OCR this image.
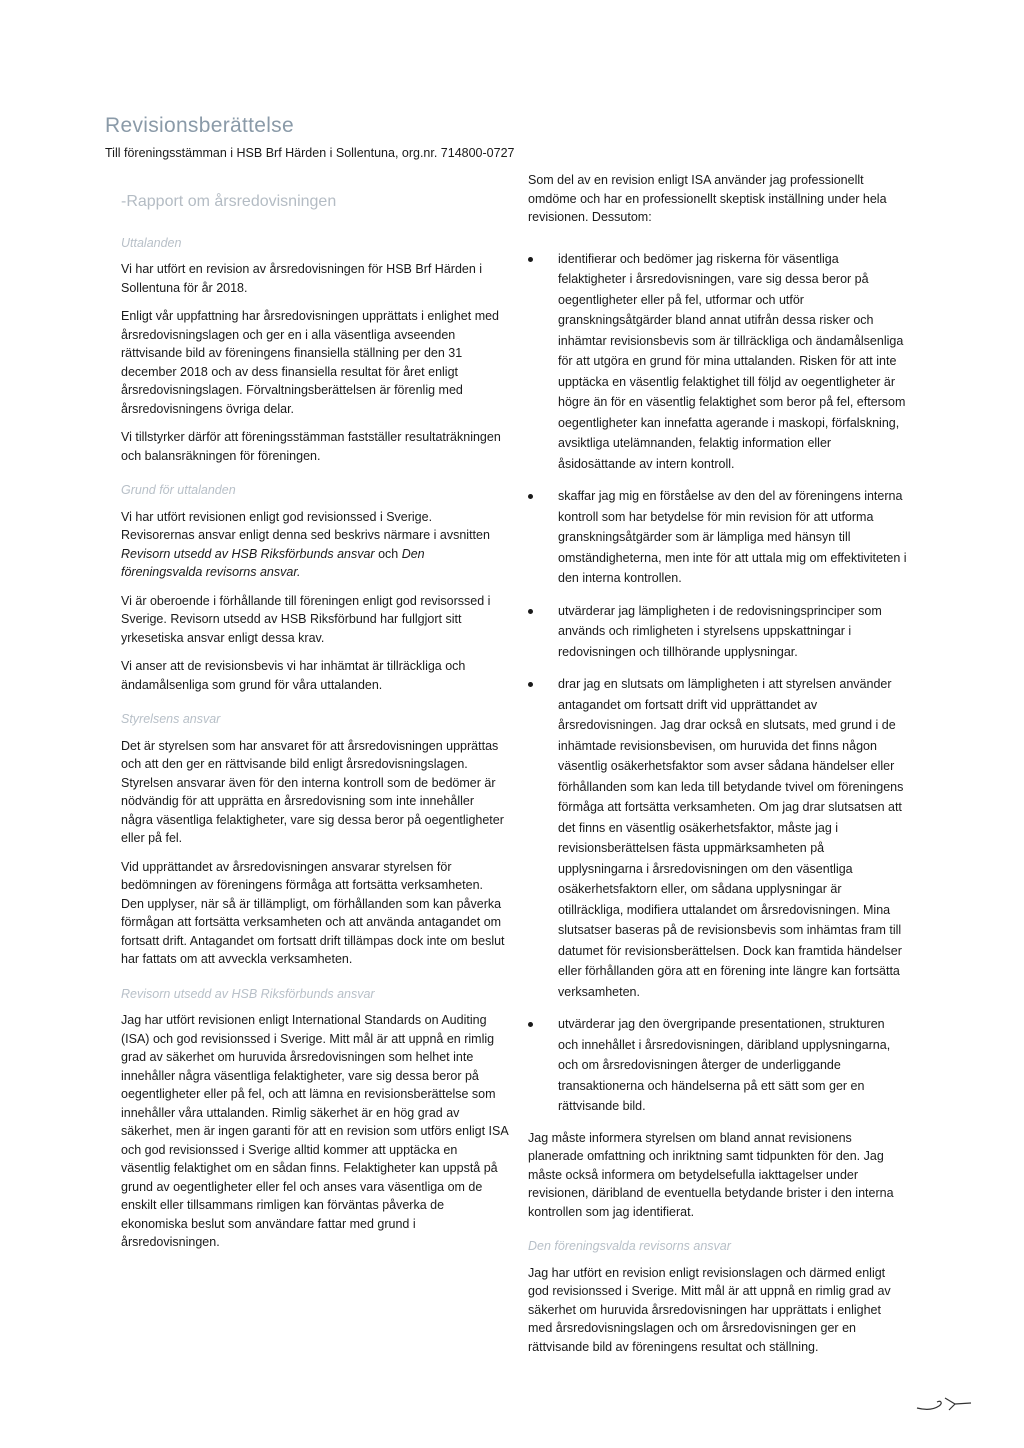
Revisionsberättelse

Till föreningsstämman i HSB Brf Härden i Sollentuna, org.nr. 714800-0727

-Rapport om årsredovisningen
Uttalanden

Vi har utfört en revision av årsredovisningen för HSB Brf Härden i Sollentuna för år 2018.

Enligt vår uppfattning har årsredovisningen upprättats i enlighet med årsredovisningslagen och ger en i alla väsentliga avseenden rättvisande bild av föreningens finansiella ställning per den 31 december 2018 och av dess finansiella resultat för året enligt årsredovisningslagen. Förvaltningsberättelsen är förenlig med årsredovisningens övriga delar.

Vi tillstyrker därför att föreningsstämman fastställer resultaträkningen och balansräkningen för föreningen.

Grund för uttalanden

Vi har utfört revisionen enligt god revisionssed i Sverige. Revisorernas ansvar enligt denna sed beskrivs närmare i avsnitten Revisorn utsedd av HSB Riksförbunds ansvar och Den föreningsvalda revisorns ansvar.

Vi är oberoende i förhållande till föreningen enligt god revisorssed i Sverige. Revisorn utsedd av HSB Riksförbund har fullgjort sitt yrkesetiska ansvar enligt dessa krav.

Vi anser att de revisionsbevis vi har inhämtat är tillräckliga och ändamålsenliga som grund för våra uttalanden.

Styrelsens ansvar

Det är styrelsen som har ansvaret för att årsredovisningen upprättas och att den ger en rättvisande bild enligt årsredovisningslagen. Styrelsen ansvarar även för den interna kontroll som de bedömer är nödvändig för att upprätta en årsredovisning som inte innehåller några väsentliga felaktigheter, vare sig dessa beror på oegentligheter eller på fel.

Vid upprättandet av årsredovisningen ansvarar styrelsen för bedömningen av föreningens förmåga att fortsätta verksamheten. Den upplyser, när så är tillämpligt, om förhållanden som kan påverka förmågan att fortsätta verksamheten och att använda antagandet om fortsatt drift. Antagandet om fortsatt drift tillämpas dock inte om beslut har fattats om att avveckla verksamheten.

Revisorn utsedd av HSB Riksförbunds ansvar

Jag har utfört revisionen enligt International Standards on Auditing (ISA) och god revisionssed i Sverige. Mitt mål är att uppnå en rimlig grad av säkerhet om huruvida årsredovisningen som helhet inte innehåller några väsentliga felaktigheter, vare sig dessa beror på oegentligheter eller på fel, och att lämna en revisionsberättelse som innehåller våra uttalanden. Rimlig säkerhet är en hög grad av säkerhet, men är ingen garanti för att en revision som utförs enligt ISA och god revisionssed i Sverige alltid kommer att upptäcka en väsentlig felaktighet om en sådan finns. Felaktigheter kan uppstå på grund av oegentligheter eller fel och anses vara väsentliga om de enskilt eller tillsammans rimligen kan förväntas påverka de ekonomiska beslut som användare fattar med grund i årsredovisningen.

Som del av en revision enligt ISA använder jag professionellt omdöme och har en professionellt skeptisk inställning under hela revisionen. Dessutom:

identifierar och bedömer jag riskerna för väsentliga felaktigheter i årsredovisningen, vare sig dessa beror på oegentligheter eller på fel, utformar och utför granskningsåtgärder bland annat utifrån dessa risker och inhämtar revisionsbevis som är tillräckliga och ändamålsenliga för att utgöra en grund för mina uttalanden. Risken för att inte upptäcka en väsentlig felaktighet till följd av oegentligheter är högre än för en väsentlig felaktighet som beror på fel, eftersom oegentligheter kan innefatta agerande i maskopi, förfalskning, avsiktliga utelämnanden, felaktig information eller åsidosättande av intern kontroll.
skaffar jag mig en förståelse av den del av föreningens interna kontroll som har betydelse för min revision för att utforma granskningsåtgärder som är lämpliga med hänsyn till omständigheterna, men inte för att uttala mig om effektiviteten i den interna kontrollen.
utvärderar jag lämpligheten i de redovisningsprinciper som används och rimligheten i styrelsens uppskattningar i redovisningen och tillhörande upplysningar.
drar jag en slutsats om lämpligheten i att styrelsen använder antagandet om fortsatt drift vid upprättandet av årsredovisningen. Jag drar också en slutsats, med grund i de inhämtade revisionsbevisen, om huruvida det finns någon väsentlig osäkerhetsfaktor som avser sådana händelser eller förhållanden som kan leda till betydande tvivel om föreningens förmåga att fortsätta verksamheten. Om jag drar slutsatsen att det finns en väsentlig osäkerhetsfaktor, måste jag i revisionsberättelsen fästa uppmärksamheten på upplysningarna i årsredovisningen om den väsentliga osäkerhetsfaktorn eller, om sådana upplysningar är otillräckliga, modifiera uttalandet om årsredovisningen. Mina slutsatser baseras på de revisionsbevis som inhämtas fram till datumet för revisionsberättelsen. Dock kan framtida händelser eller förhållanden göra att en förening inte längre kan fortsätta verksamheten.
utvärderar jag den övergripande presentationen, strukturen och innehållet i årsredovisningen, däribland upplysningarna, och om årsredovisningen återger de underliggande transaktionerna och händelserna på ett sätt som ger en rättvisande bild.

Jag måste informera styrelsen om bland annat revisionens planerade omfattning och inriktning samt tidpunkten för den. Jag måste också informera om betydelsefulla iakttagelser under revisionen, däribland de eventuella betydande brister i den interna kontrollen som jag identifierat.

Den föreningsvalda revisorns ansvar

Jag har utfört en revision enligt revisionslagen och därmed enligt god revisionssed i Sverige. Mitt mål är att uppnå en rimlig grad av säkerhet om huruvida årsredovisningen har upprättats i enlighet med årsredovisningslagen och om årsredovisningen ger en rättvisande bild av föreningens resultat och ställning.
